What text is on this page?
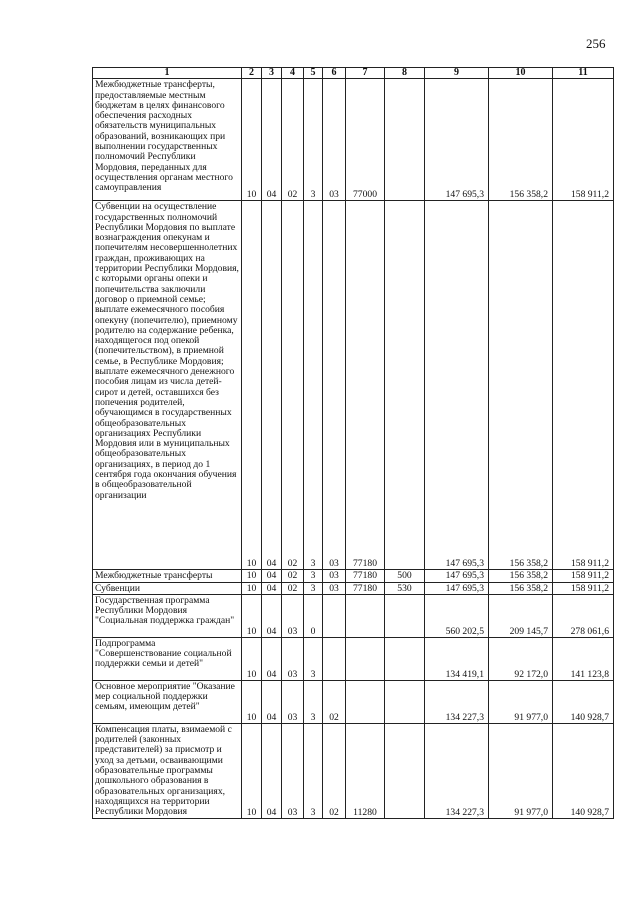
256
1	2	3	4	5	6	7	8	9	10	11
Межбюджетные трансферты, предоставляемые местным бюджетам в целях финансового обеспечения расходных обязательств муниципальных образований, возникающих при выполнении государственных полномочий Республики Мордовия, переданных для осуществления органам местного самоуправления	10	04	02	3	03	77000		147 695,3	156 358,2	158 911,2
Субвенции на осуществление государственных полномочий Республики Мордовия по выплате вознаграждения опекунам и попечителям несовершеннолетних граждан, проживающих на территории Республики Мордовия, с которыми органы опеки и попечительства заключили договор о приемной семье; выплате ежемесячного пособия опекуну (попечителю), приемному родителю на содержание ребенка, находящегося под опекой (попечительством), в приемной семье, в Республике Мордовия; выплате ежемесячного денежного пособия лицам из числа детей-сирот и детей, оставшихся без попечения родителей, обучающимся в государственных общеобразовательных организациях Республики Мордовия или в муниципальных общеобразовательных организациях, в период до 1 сентября года окончания обучения в общеобразовательной организации	10	04	02	3	03	77180		147 695,3	156 358,2	158 911,2
Межбюджетные трансферты	10	04	02	3	03	77180	500	147 695,3	156 358,2	158 911,2
Субвенции	10	04	02	3	03	77180	530	147 695,3	156 358,2	158 911,2
Государственная программа Республики Мордовия "Социальная поддержка граждан"	10	04	03	0				560 202,5	209 145,7	278 061,6
Подпрограмма "Совершенствование социальной поддержки семьи и детей"	10	04	03	3				134 419,1	92 172,0	141 123,8
Основное мероприятие "Оказание мер социальной поддержки семьям, имеющим детей"	10	04	03	3	02			134 227,3	91 977,0	140 928,7
Компенсация платы, взимаемой с родителей (законных представителей) за присмотр и уход за детьми, осваивающими образовательные программы дошкольного образования в образовательных организациях, находящихся на территории Республики Мордовия	10	04	03	3	02	11280		134 227,3	91 977,0	140 928,7
